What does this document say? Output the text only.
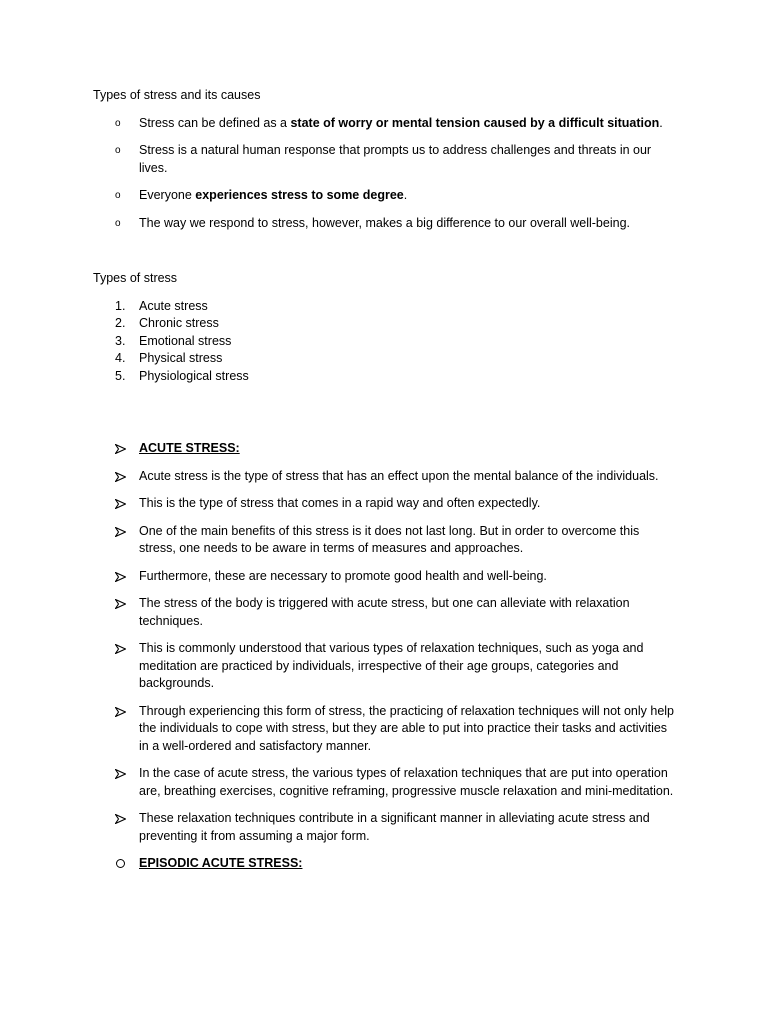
Types of stress and its causes

o	Stress can be defined as a state of worry or mental tension caused by a difficult situation.
o	Stress is a natural human response that prompts us to address challenges and threats in our lives.
o	Everyone experiences stress to some degree.
o	The way we respond to stress, however, makes a big difference to our overall well-being.

Types of stress

1. Acute stress
2. Chronic stress
3. Emotional stress
4. Physical stress
5. Physiological stress
ACUTE STRESS:
Acute stress is the type of stress that has an effect upon the mental balance of the individuals.
This is the type of stress that comes in a rapid way and often expectedly.
One of the main benefits of this stress is it does not last long. But in order to overcome this stress, one needs to be aware in terms of measures and approaches.
Furthermore, these are necessary to promote good health and well-being.
The stress of the body is triggered with acute stress, but one can alleviate with relaxation techniques.
This is commonly understood that various types of relaxation techniques, such as yoga and meditation are practiced by individuals, irrespective of their age groups, categories and backgrounds.
Through experiencing this form of stress, the practicing of relaxation techniques will not only help the individuals to cope with stress, but they are able to put into practice their tasks and activities in a well-ordered and satisfactory manner.
In the case of acute stress, the various types of relaxation techniques that are put into operation are, breathing exercises, cognitive reframing, progressive muscle relaxation and mini-meditation.
These relaxation techniques contribute in a significant manner in alleviating acute stress and preventing it from assuming a major form.
EPISODIC ACUTE STRESS:
